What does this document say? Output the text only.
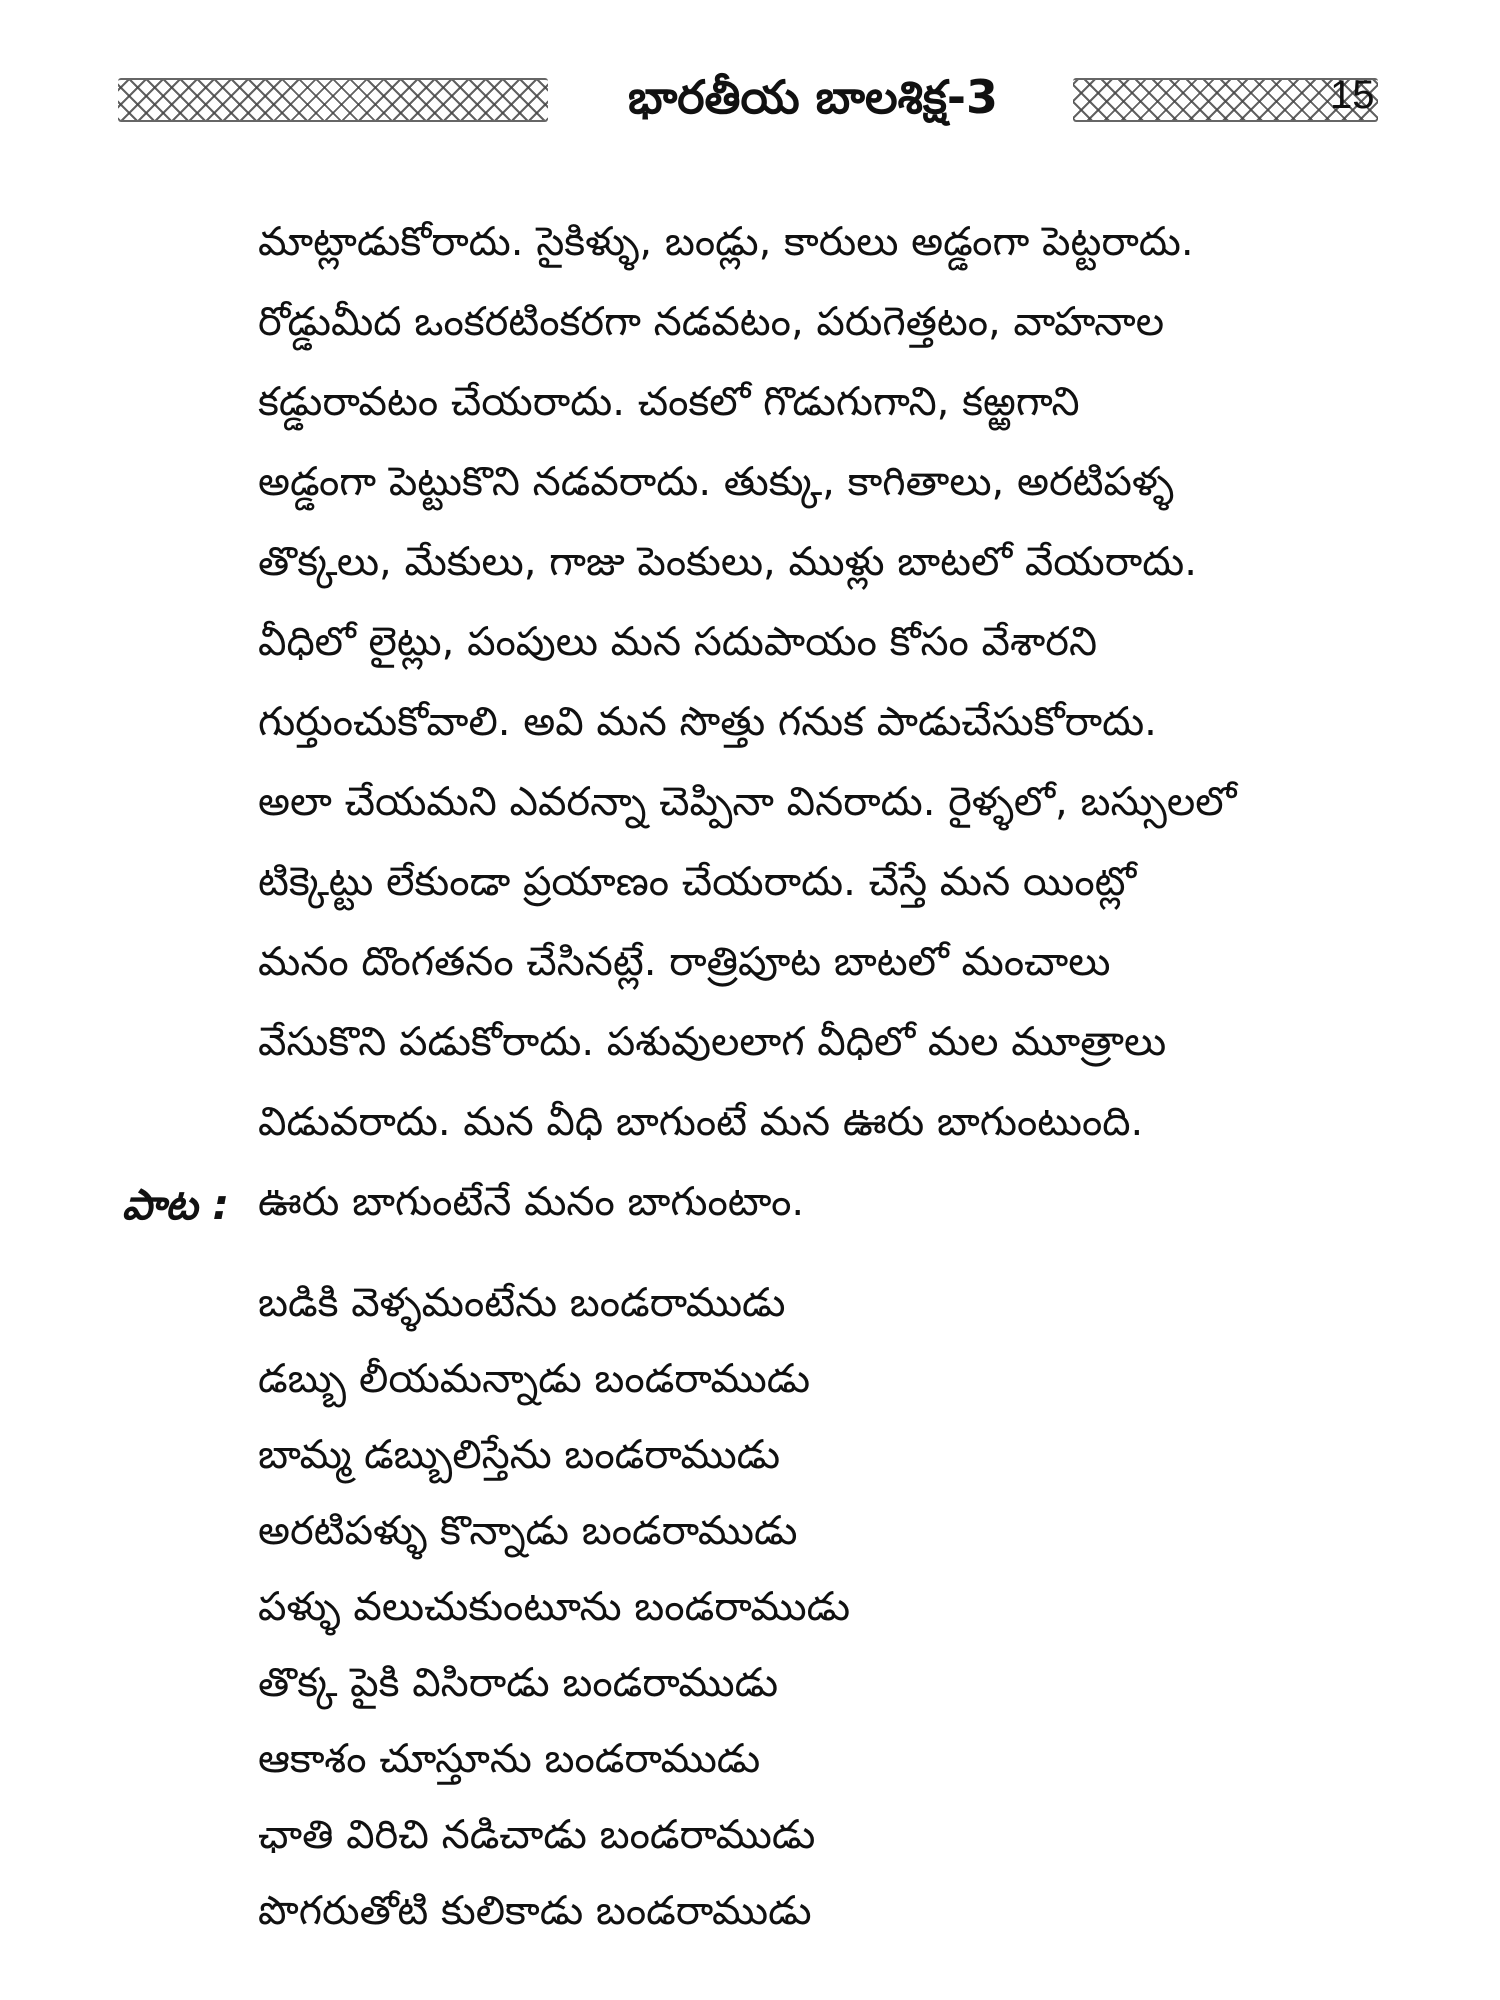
భారతీయ బాలశిక్ష-3	15
మాట్లాడుకోరాదు. సైకిళ్ళు, బండ్లు, కారులు అడ్డంగా పెట్టరాదు.
రోడ్డుమీద ఒంకరటింకరగా నడవటం, పరుగెత్తటం, వాహనాల
కడ్డురావటం చేయరాదు. చంకలో గొడుగుగాని, కఱ్ఱగాని
అడ్డంగా పెట్టుకొని నడవరాదు. తుక్కు, కాగితాలు, అరటిపళ్ళ
తొక్కలు, మేకులు, గాజు పెంకులు, ముళ్లు బాటలో వేయరాదు.
వీధిలో లైట్లు, పంపులు మన సదుపాయం కోసం వేశారని
గుర్తుంచుకోవాలి. అవి మన సొత్తు గనుక పాడుచేసుకోరాదు.
అలా చేయమని ఎవరన్నా చెప్పినా వినరాదు. రైళ్ళలో, బస్సులలో
టిక్కెట్టు లేకుండా ప్రయాణం చేయరాదు. చేస్తే మన యింట్లో
మనం దొంగతనం చేసినట్లే. రాత్రిపూట బాటలో మంచాలు
వేసుకొని పడుకోరాదు. పశువులలాగ వీధిలో మల మూత్రాలు
విడువరాదు. మన వీధి బాగుంటే మన ఊరు బాగుంటుంది.
ఊరు బాగుంటేనే మనం బాగుంటాం.
పాట :
బడికి వెళ్ళమంటేను బండరాముడు
డబ్బు లీయమన్నాడు బండరాముడు
బామ్మ డబ్బులిస్తేను బండరాముడు
అరటిపళ్ళు కొన్నాడు బండరాముడు
పళ్ళు వలుచుకుంటూను బండరాముడు
తొక్క పైకి విసిరాడు బండరాముడు
ఆకాశం చూస్తూను బండరాముడు
ఛాతి విరిచి నడిచాడు బండరాముడు
పొగరుతోటి కులికాడు బండరాముడు
